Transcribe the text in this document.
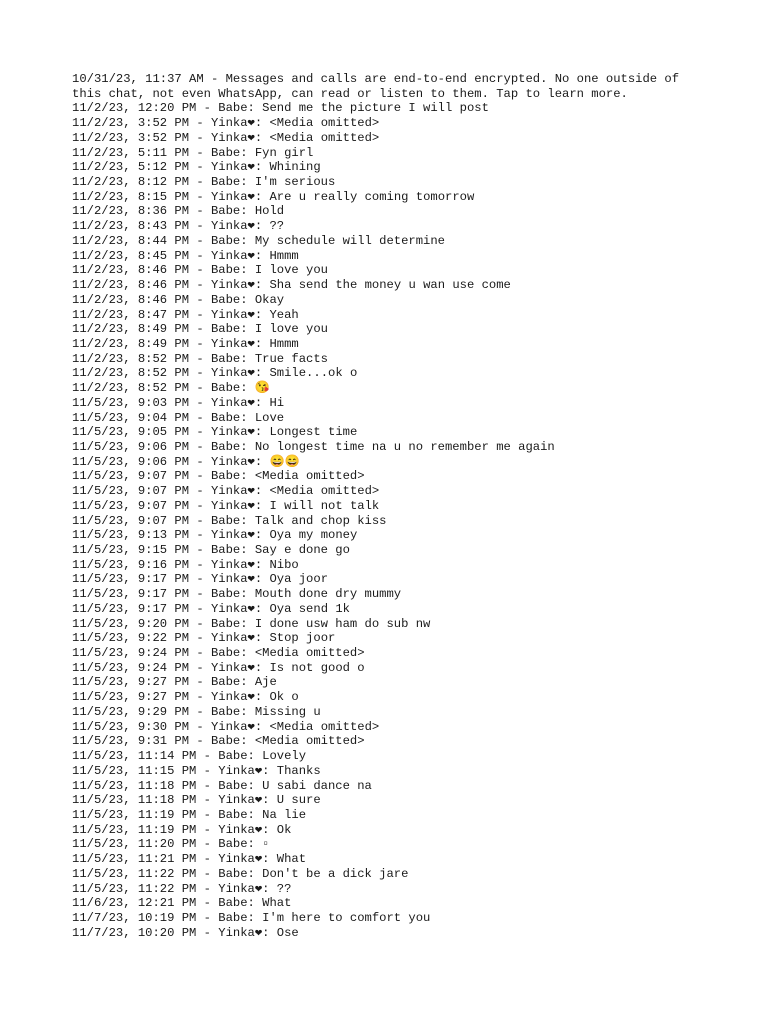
10/31/23, 11:37 AM - Messages and calls are end-to-end encrypted. No one outside of this chat, not even WhatsApp, can read or listen to them. Tap to learn more.
11/2/23, 12:20 PM - Babe: Send me the picture I will post
11/2/23, 3:52 PM - Yinka❤: <Media omitted>
11/2/23, 3:52 PM - Yinka❤: <Media omitted>
11/2/23, 5:11 PM - Babe: Fyn girl
11/2/23, 5:12 PM - Yinka❤: Whining
11/2/23, 8:12 PM - Babe: I'm serious
11/2/23, 8:15 PM - Yinka❤: Are u really coming tomorrow
11/2/23, 8:36 PM - Babe: Hold
11/2/23, 8:43 PM - Yinka❤: ??
11/2/23, 8:44 PM - Babe: My schedule will determine
11/2/23, 8:45 PM - Yinka❤: Hmmm
11/2/23, 8:46 PM - Babe: I love you
11/2/23, 8:46 PM - Yinka❤: Sha send the money u wan use come
11/2/23, 8:46 PM - Babe: Okay
11/2/23, 8:47 PM - Yinka❤: Yeah
11/2/23, 8:49 PM - Babe: I love you
11/2/23, 8:49 PM - Yinka❤: Hmmm
11/2/23, 8:52 PM - Babe: True facts
11/2/23, 8:52 PM - Yinka❤: Smile...ok o
11/2/23, 8:52 PM - Babe: 😘
11/5/23, 9:03 PM - Yinka❤: Hi
11/5/23, 9:04 PM - Babe: Love
11/5/23, 9:05 PM - Yinka❤: Longest time
11/5/23, 9:06 PM - Babe: No longest time na u no remember me again
11/5/23, 9:06 PM - Yinka❤: 😄😄
11/5/23, 9:07 PM - Babe: <Media omitted>
11/5/23, 9:07 PM - Yinka❤: <Media omitted>
11/5/23, 9:07 PM - Yinka❤: I will not talk
11/5/23, 9:07 PM - Babe: Talk and chop kiss
11/5/23, 9:13 PM - Yinka❤: Oya my money
11/5/23, 9:15 PM - Babe: Say e done go
11/5/23, 9:16 PM - Yinka❤: Nibo
11/5/23, 9:17 PM - Yinka❤: Oya joor
11/5/23, 9:17 PM - Babe: Mouth done dry mummy
11/5/23, 9:17 PM - Yinka❤: Oya send 1k
11/5/23, 9:20 PM - Babe: I done usw ham do sub nw
11/5/23, 9:22 PM - Yinka❤: Stop joor
11/5/23, 9:24 PM - Babe: <Media omitted>
11/5/23, 9:24 PM - Yinka❤: Is not good o
11/5/23, 9:27 PM - Babe: Aje
11/5/23, 9:27 PM - Yinka❤: Ok o
11/5/23, 9:29 PM - Babe: Missing u
11/5/23, 9:30 PM - Yinka❤: <Media omitted>
11/5/23, 9:31 PM - Babe: <Media omitted>
11/5/23, 11:14 PM - Babe: Lovely
11/5/23, 11:15 PM - Yinka❤: Thanks
11/5/23, 11:18 PM - Babe: U sabi dance na
11/5/23, 11:18 PM - Yinka❤: U sure
11/5/23, 11:19 PM - Babe: Na lie
11/5/23, 11:19 PM - Yinka❤: Ok
11/5/23, 11:20 PM - Babe: ▫
11/5/23, 11:21 PM - Yinka❤: What
11/5/23, 11:22 PM - Babe: Don't be a dick jare
11/5/23, 11:22 PM - Yinka❤: ??
11/6/23, 12:21 PM - Babe: What
11/7/23, 10:19 PM - Babe: I'm here to comfort you
11/7/23, 10:20 PM - Yinka❤: Ose
